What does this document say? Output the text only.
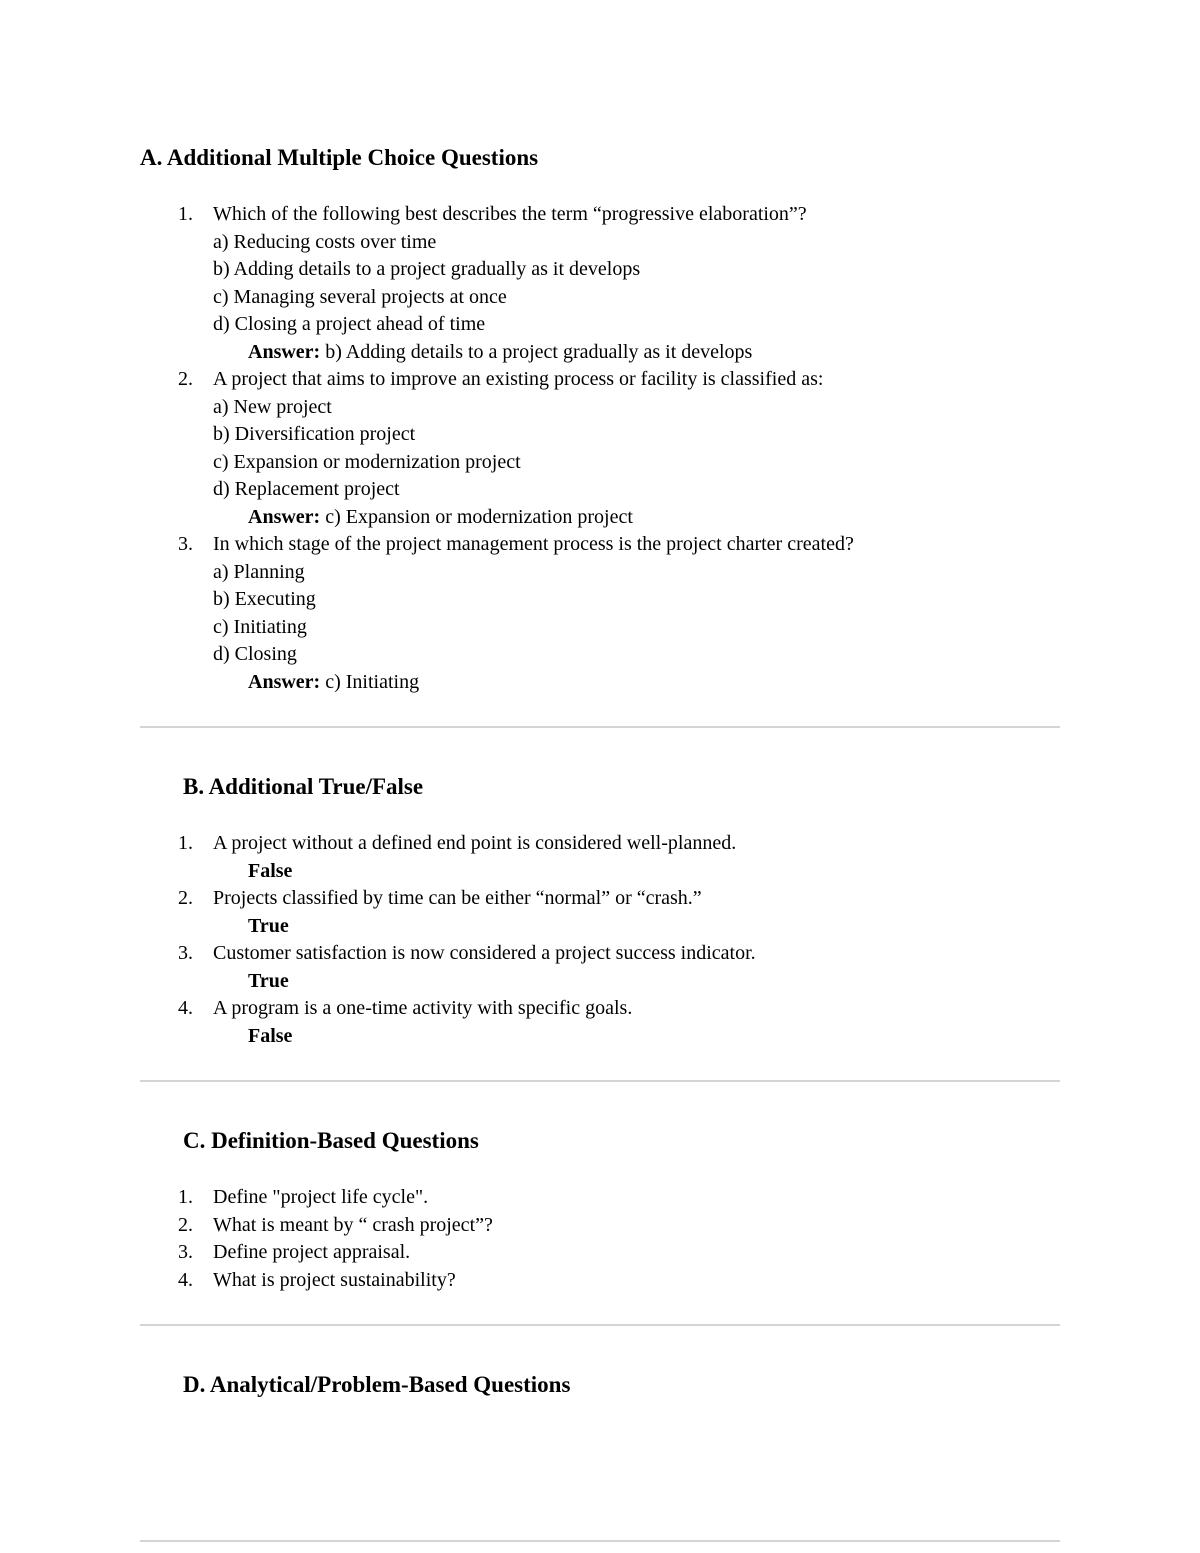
A. Additional Multiple Choice Questions
1.	Which of the following best describes the term “progressive elaboration”?
a) Reducing costs over time
b) Adding details to a project gradually as it develops
c) Managing several projects at once
d) Closing a project ahead of time
Answer: b) Adding details to a project gradually as it develops
2.	A project that aims to improve an existing process or facility is classified as:
a) New project
b) Diversification project
c) Expansion or modernization project
d) Replacement project
Answer: c) Expansion or modernization project
3.	In which stage of the project management process is the project charter created?
a) Planning
b) Executing
c) Initiating
d) Closing
Answer: c) Initiating
B. Additional True/False
1.	A project without a defined end point is considered well-planned.
False
2.	Projects classified by time can be either “normal” or “crash.”
True
3.	Customer satisfaction is now considered a project success indicator.
True
4.	A program is a one-time activity with specific goals.
False
C. Definition-Based Questions
1.	Define "project life cycle".
2.	What is meant by “ crash project”?
3.	Define project appraisal.
4.	What is project sustainability?
D. Analytical/Problem-Based Questions
